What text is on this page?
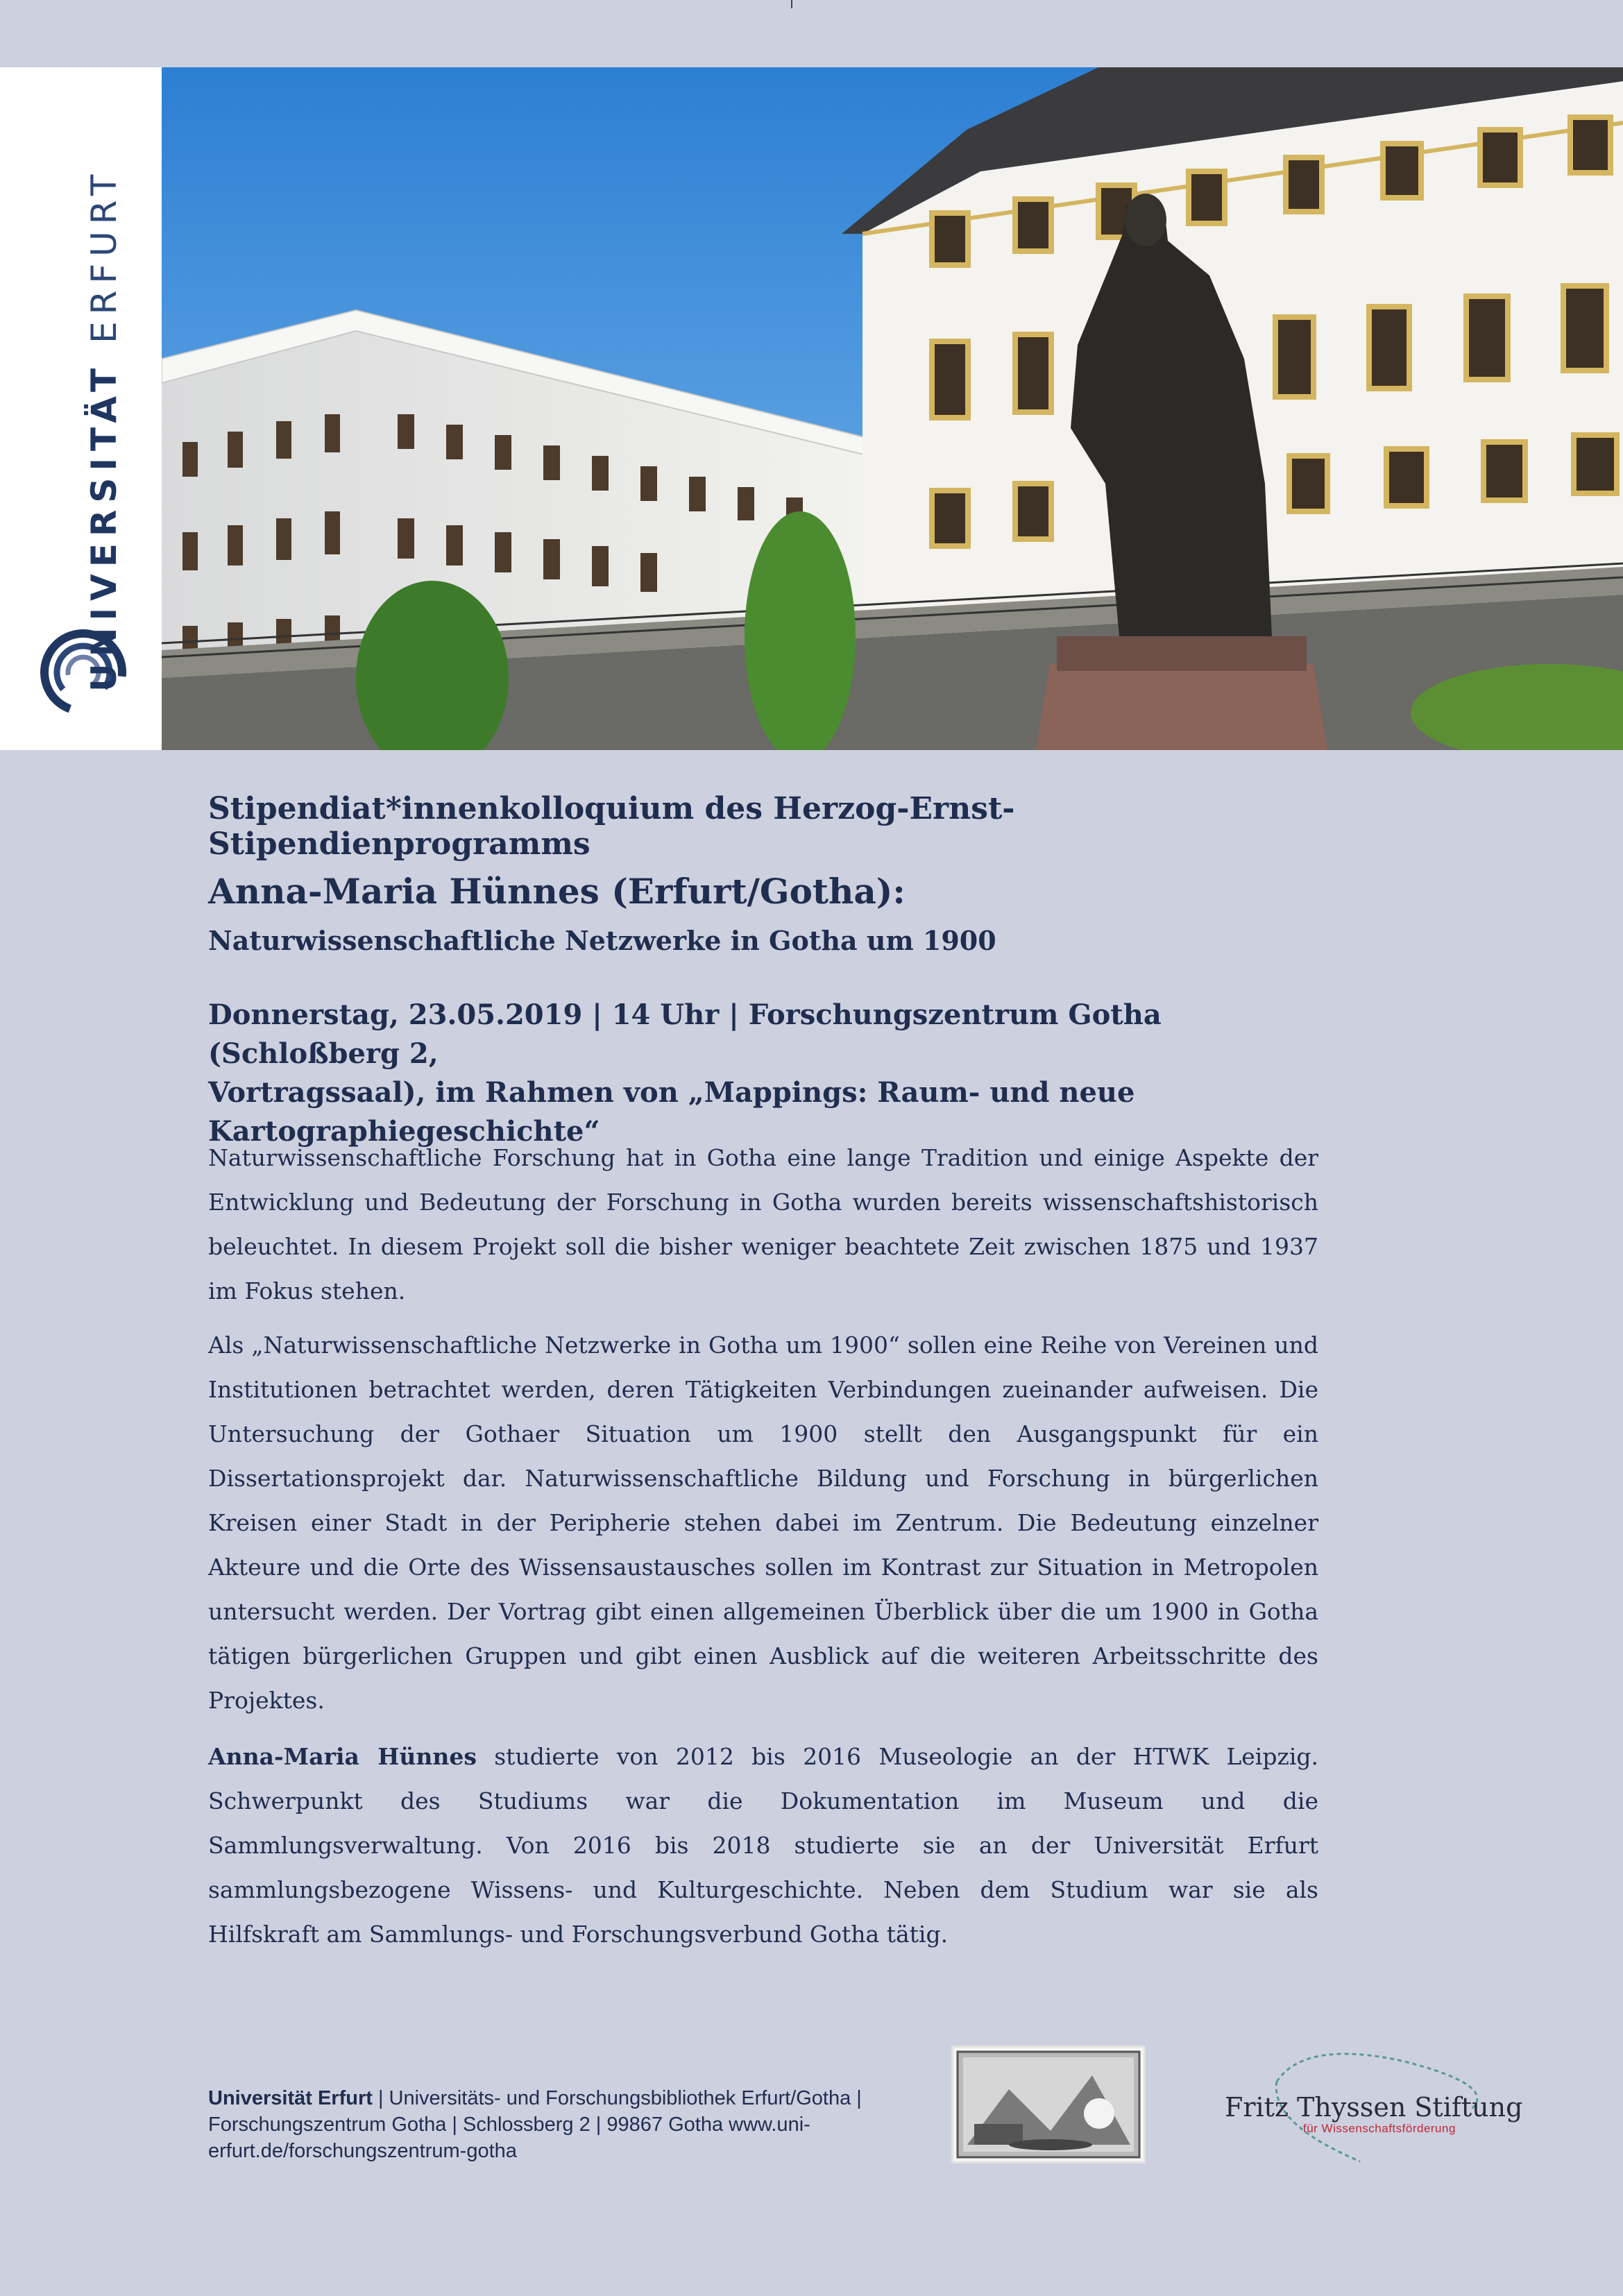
UNIVERSITÄT ERFURT
Stipendiat*innenkolloquium des Herzog-Ernst-Stipendienprogramms
Anna-Maria Hünnes (Erfurt/Gotha):
Naturwissenschaftliche Netzwerke in Gotha um 1900
Donnerstag, 23.05.2019 | 14 Uhr | Forschungszentrum Gotha (Schloßberg 2,
Vortragssaal), im Rahmen von „Mappings: Raum- und neue
Kartographiegeschichte“
Naturwissenschaftliche Forschung hat in Gotha eine lange Tradition und einige Aspekte der Entwicklung und Bedeutung der Forschung in Gotha wurden bereits wissenschaftshistorisch beleuchtet. In diesem Projekt soll die bisher weniger beachtete Zeit zwischen 1875 und 1937 im Fokus stehen.
Als „Naturwissenschaftliche Netzwerke in Gotha um 1900“ sollen eine Reihe von Vereinen und Institutionen betrachtet werden, deren Tätigkeiten Verbindungen zueinander aufweisen. Die Untersuchung der Gothaer Situation um 1900 stellt den Ausgangspunkt für ein Dissertationsprojekt dar. Naturwissenschaftliche Bildung und Forschung in bürgerlichen Kreisen einer Stadt in der Peripherie stehen dabei im Zentrum. Die Bedeutung einzelner Akteure und die Orte des Wissensaustausches sollen im Kontrast zur Situation in Metropolen untersucht werden. Der Vortrag gibt einen allgemeinen Überblick über die um 1900 in Gotha tätigen bürgerlichen Gruppen und gibt einen Ausblick auf die weiteren Arbeitsschritte des Projektes.
Anna-Maria Hünnes studierte von 2012 bis 2016 Museologie an der HTWK Leipzig. Schwerpunkt des Studiums war die Dokumentation im Museum und die Sammlungsverwaltung. Von 2016 bis 2018 studierte sie an der Universität Erfurt sammlungsbezogene Wissens- und Kulturgeschichte. Neben dem Studium war sie als Hilfskraft am Sammlungs- und Forschungsverbund Gotha tätig.
Universität Erfurt | Universitäts- und Forschungsbibliothek Erfurt/Gotha | Forschungszentrum Gotha | Schlossberg 2 | 99867 Gotha www.uni-erfurt.de/forschungszentrum-gotha
Fritz Thyssen Stiftung
für Wissenschaftsförderung
